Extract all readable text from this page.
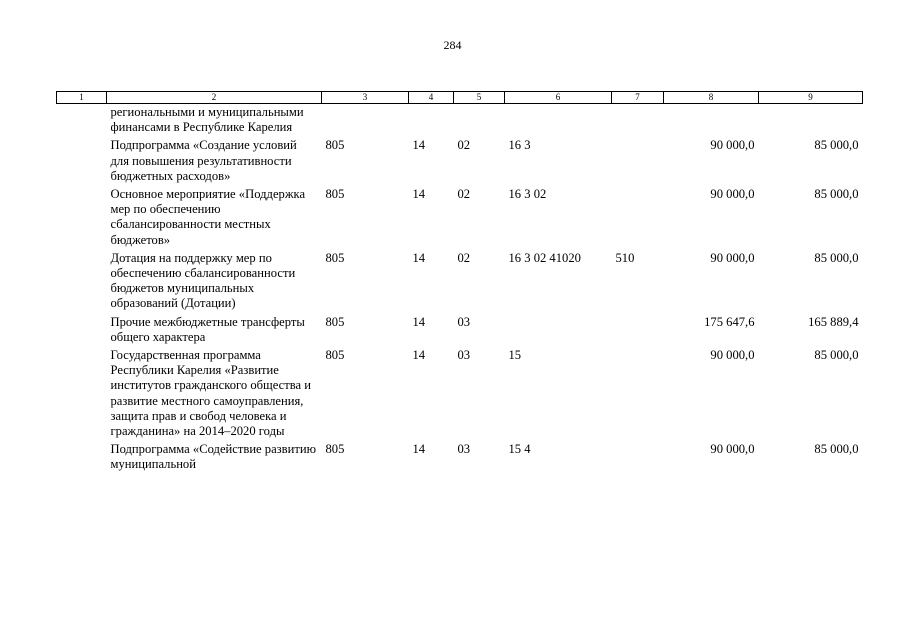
284
1	2	3	4	5	6	7	8	9
	региональными и муниципальными финансами в Республике Карелия							
	Подпрограмма «Создание условий для повышения результативности бюджетных расходов»	805	14	02	16 3		90 000,0	85 000,0
	Основное мероприятие «Поддержка мер по обеспечению сбалансированности местных бюджетов»	805	14	02	16 3 02		90 000,0	85 000,0
	Дотация на поддержку мер по обеспечению сбалансированности бюджетов муниципальных образований (Дотации)	805	14	02	16 3 02 41020	510	90 000,0	85 000,0
	Прочие межбюджетные трансферты общего характера	805	14	03			175 647,6	165 889,4
	Государственная программа Республики Карелия «Развитие институтов гражданского общества и развитие местного самоуправления, защита прав и свобод человека и гражданина» на 2014–2020 годы	805	14	03	15		90 000,0	85 000,0
	Подпрограмма «Содействие развитию муниципальной	805	14	03	15 4		90 000,0	85 000,0
